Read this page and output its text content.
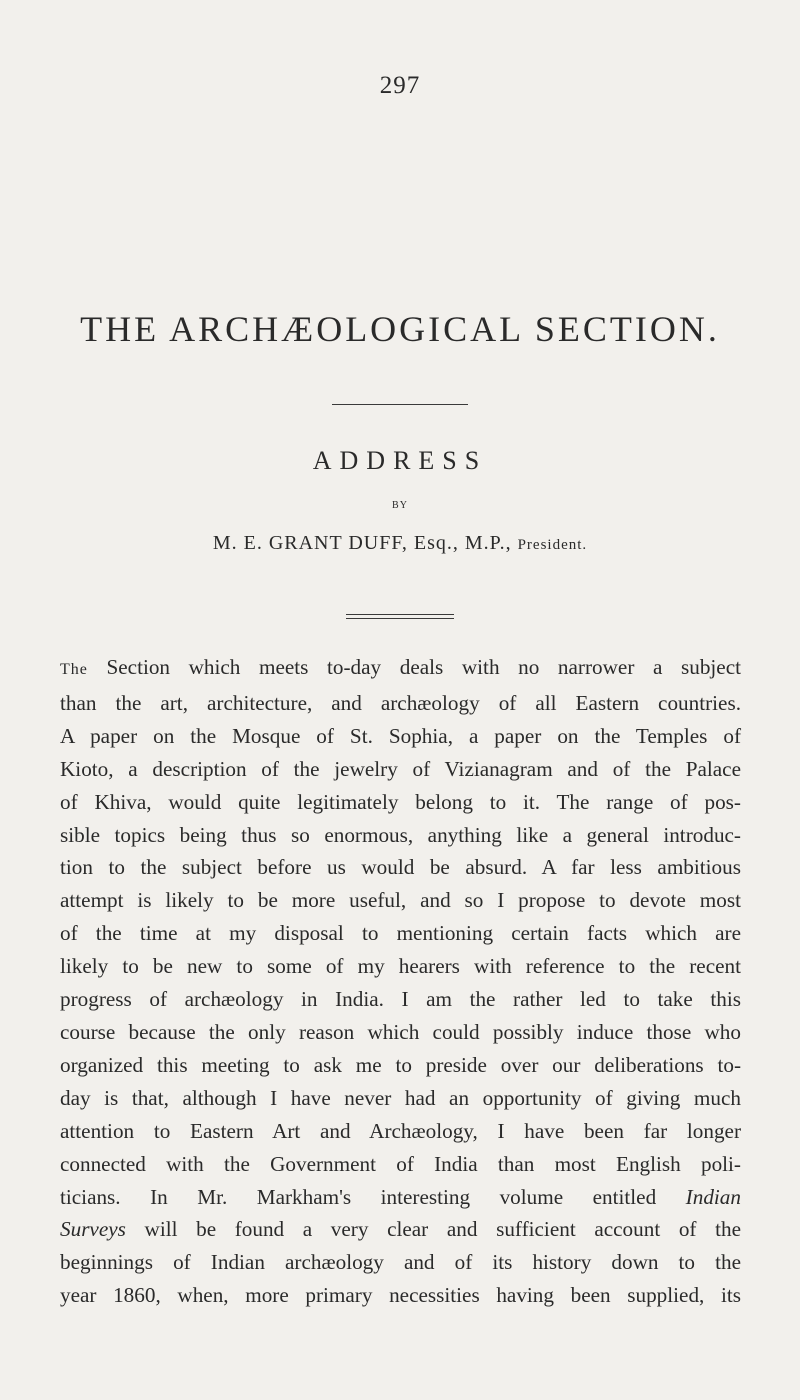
297
THE ARCHÆOLOGICAL SECTION.
ADDRESS
BY
M. E. GRANT DUFF, Esq., M.P., President.
The Section which meets to-day deals with no narrower a subject
than the art, architecture, and archæology of all Eastern countries.
A paper on the Mosque of St. Sophia, a paper on the Temples of
Kioto, a description of the jewelry of Vizianagram and of the Palace
of Khiva, would quite legitimately belong to it. The range of pos-
sible topics being thus so enormous, anything like a general introduc-
tion to the subject before us would be absurd. A far less ambitious
attempt is likely to be more useful, and so I propose to devote most
of the time at my disposal to mentioning certain facts which are
likely to be new to some of my hearers with reference to the recent
progress of archæology in India. I am the rather led to take this
course because the only reason which could possibly induce those who
organized this meeting to ask me to preside over our deliberations to-
day is that, although I have never had an opportunity of giving much
attention to Eastern Art and Archæology, I have been far longer
connected with the Government of India than most English poli-
ticians. In Mr. Markham's interesting volume entitled Indian
Surveys will be found a very clear and sufficient account of the
beginnings of Indian archæology and of its history down to the
year 1860, when, more primary necessities having been supplied, its
